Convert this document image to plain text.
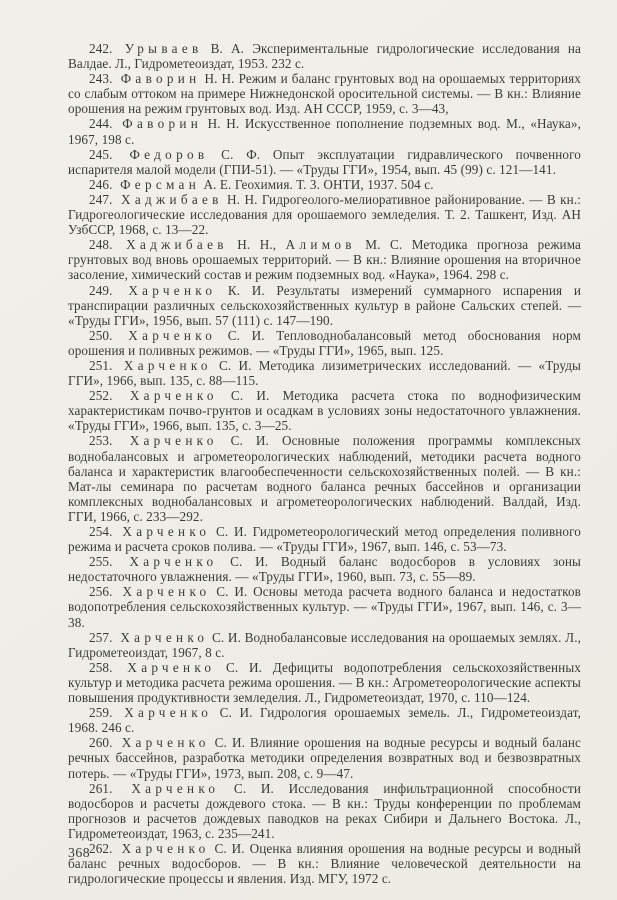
242. Урываев В. А. Экспериментальные гидрологические исследования на Валдае. Л., Гидрометеоиздат, 1953. 232 с.

243. Фаворин Н. Н. Режим и баланс грунтовых вод на орошаемых территориях со слабым оттоком на примере Нижнедонской оросительной системы. — В кн.: Влияние орошения на режим грунтовых вод. Изд. АН СССР, 1959, с. 3—43,

244. Фаворин Н. Н. Искусственное пополнение подземных вод. М., «Наука», 1967, 198 с.

245. Федоров С. Ф. Опыт эксплуатации гидравлического почвенного испарителя малой модели (ГПИ-51). — «Труды ГГИ», 1954, вып. 45 (99) с. 121—141.

246. Ферсман А. Е. Геохимия. Т. 3. ОНТИ, 1937. 504 с.

247. Хаджибаев Н. Н. Гидрогеолого-мелиоративное районирование. — В кн.: Гидрогеологические исследования для орошаемого земледелия. Т. 2. Ташкент, Изд. АН УзбССР, 1968, с. 13—22.

248. Хаджибаев Н. Н., Алимов М. С. Методика прогноза режима грунтовых вод вновь орошаемых территорий. — В кн.: Влияние орошения на вторичное засоление, химический состав и режим подземных вод. «Наука», 1964. 298 с.

249. Харченко К. И. Результаты измерений суммарного испарения и транспирации различных сельскохозяйственных культур в районе Сальских степей. — «Труды ГГИ», 1956, вып. 57 (111) с. 147—190.

250. Харченко С. И. Тепловоднобалансовый метод обоснования норм орошения и поливных режимов. — «Труды ГГИ», 1965, вып. 125.

251. Харченко С. И. Методика лизиметрических исследований. — «Труды ГГИ», 1966, вып. 135, с. 88—115.

252. Харченко С. И. Методика расчета стока по воднофизическим характеристикам почво-грунтов и осадкам в условиях зоны недостаточного увлажнения. «Труды ГГИ», 1966, вып. 135, с. 3—25.

253. Харченко С. И. Основные положения программы комплексных воднобалансовых и агрометеорологических наблюдений, методики расчета водного баланса и характеристик влагообеспеченности сельскохозяйственных полей. — В кн.: Мат-лы семинара по расчетам водного баланса речных бассейнов и организации комплексных воднобалансовых и агрометеорологических наблюдений. Валдай, Изд. ГГИ, 1966, с. 233—292.

254. Харченко С. И. Гидрометеорологический метод определения поливного режима и расчета сроков полива. — «Труды ГГИ», 1967, вып. 146, с. 53—73.

255. Харченко С. И. Водный баланс водосборов в условиях зоны недостаточного увлажнения. — «Труды ГГИ», 1960, вып. 73, с. 55—89.

256. Харченко С. И. Основы метода расчета водного баланса и недостатков водопотребления сельскохозяйственных культур. — «Труды ГГИ», 1967, вып. 146, с. 3—38.

257. Харченко С. И. Воднобалансовые исследования на орошаемых землях. Л., Гидрометеоиздат, 1967, 8 с.

258. Харченко С. И. Дефициты водопотребления сельскохозяйственных культур и методика расчета режима орошения. — В кн.: Агрометеорологические аспекты повышения продуктивности земледелия. Л., Гидрометеоиздат, 1970, с. 110—124.

259. Харченко С. И. Гидрология орошаемых земель. Л., Гидрометеоиздат, 1968. 246 с.

260. Харченко С. И. Влияние орошения на водные ресурсы и водный баланс речных бассейнов, разработка методики определения возвратных вод и безвозвратных потерь. — «Труды ГГИ», 1973, вып. 208, с. 9—47.

261. Харченко С. И. Исследования инфильтрационной способности водосборов и расчеты дождевого стока. — В кн.: Труды конференции по проблемам прогнозов и расчетов дождевых паводков на реках Сибири и Дальнего Востока. Л., Гидрометеоиздат, 1963, с. 235—241.

262. Харченко С. И. Оценка влияния орошения на водные ресурсы и водный баланс речных водосборов. — В кн.: Влияние человеческой деятельности на гидрологические процессы и явления. Изд. МГУ, 1972 с.

368
